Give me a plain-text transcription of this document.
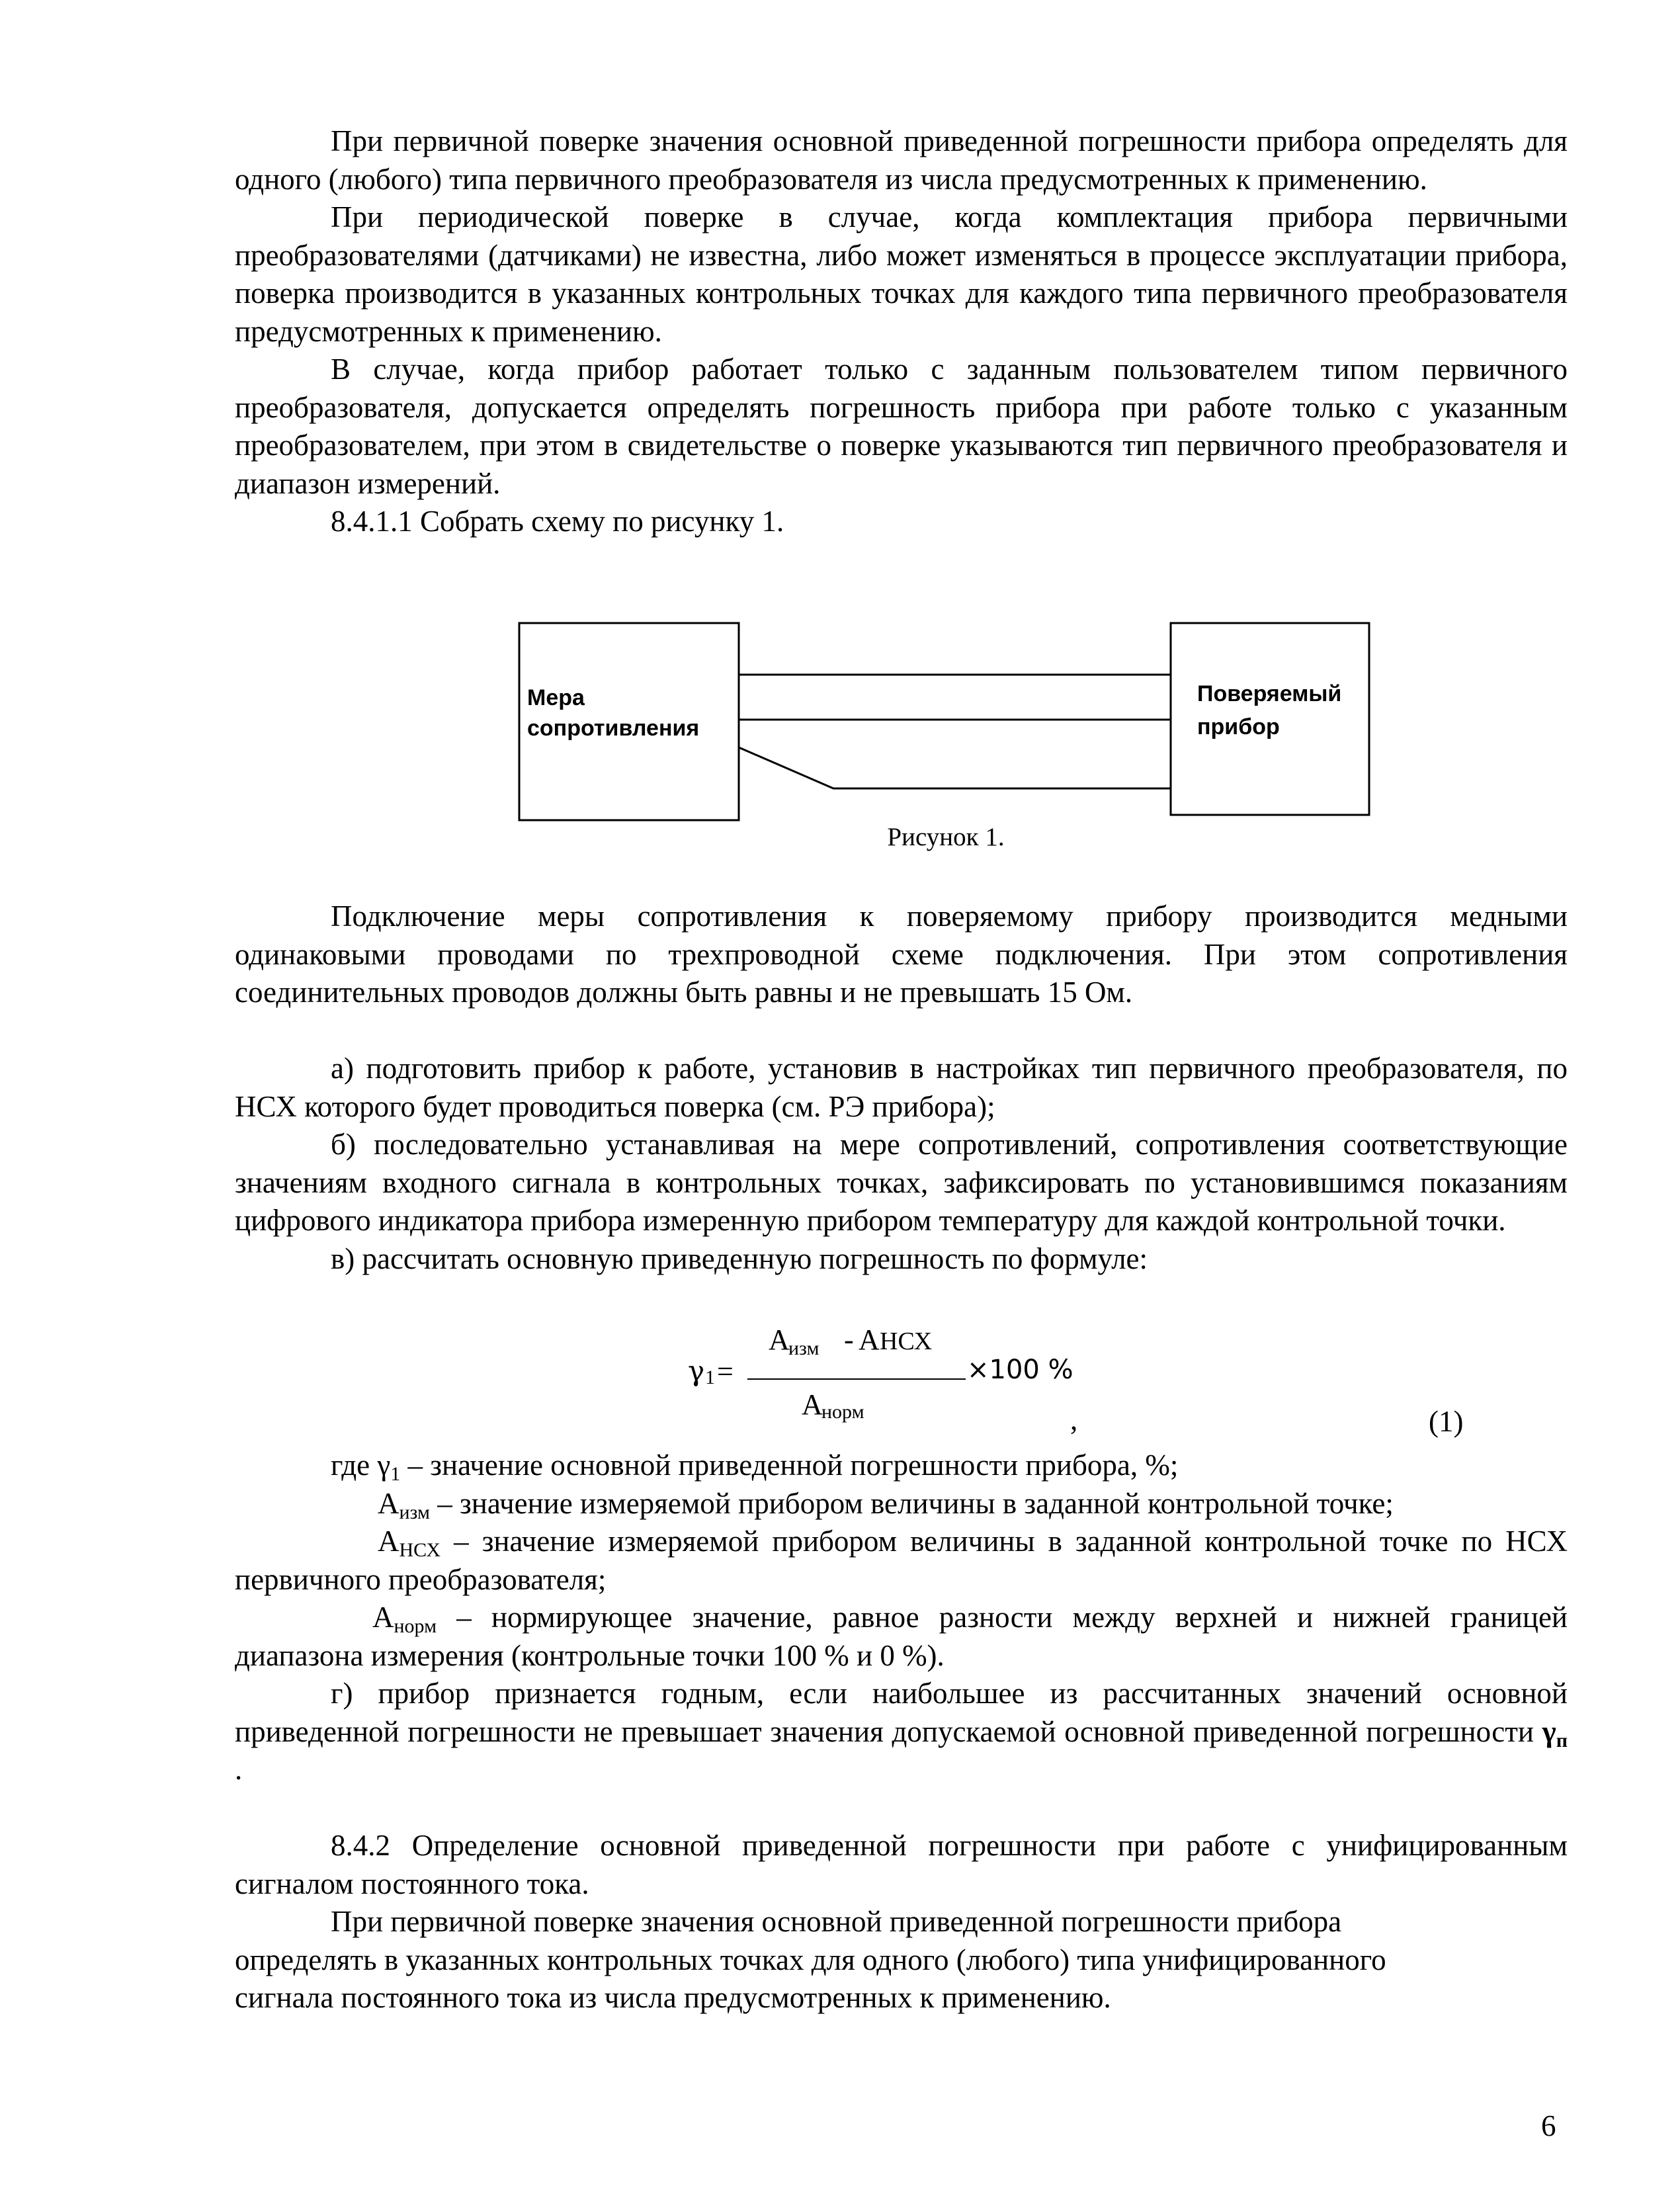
При первичной поверке значения основной приведенной погрешности прибора определять для одного (любого) типа первичного преобразователя из числа предусмотренных к применению.

При периодической поверке в случае, когда комплектация прибора первичными преобразователями (датчиками) не известна, либо может изменяться в процессе эксплуатации прибора, поверка производится в указанных контрольных точках для каждого типа первичного преобразователя предусмотренных к применению.

В случае, когда прибор работает только с заданным пользователем типом первичного преобразователя, допускается определять погрешность прибора при работе только с указанным преобразователем, при этом в свидетельстве о поверке указываются тип первичного преобразователя и диапазон измерений.

8.4.1.1 Собрать схему по рисунку 1.

Мера
сопротивления
Поверяемый
прибор
Рисунок 1.

Подключение меры сопротивления к поверяемому прибору производится медными одинаковыми проводами по трехпроводной схеме подключения. При этом сопротивления соединительных проводов должны быть равны и не превышать 15 Ом.

а) подготовить прибор к работе, установив в настройках тип первичного преобразователя, по НСХ которого будет проводиться поверка (см. РЭ прибора);

б) последовательно устанавливая на мере сопротивлений, сопротивления соответствующие значениям входного сигнала в контрольных точках, зафиксировать по установившимся показаниям цифрового индикатора прибора измеренную прибором температуру для каждой контрольной точки.

в) рассчитать основную приведенную погрешность по формуле:

γ 1 =
А
изм - А НСХ
×100 %
А
норм	,	(1)

где $\gamma_1$ – значение основной приведенной погрешности прибора, %;

$А_{изм}$ – значение измеряемой прибором величины в заданной контрольной точке;

$А_{НСХ}$ – значение измеряемой прибором величины в заданной контрольной точке по НСХ первичного преобразователя;

$А_{норм}$ – нормирующее значение, равное разности между верхней и нижней границей диапазона измерения (контрольные точки 100 % и 0 %).

г) прибор признается годным, если наибольшее из рассчитанных значений основной приведенной погрешности не превышает значения допускаемой основной приведенной погрешности $\gamma_п$ .

8.4.2 Определение основной приведенной погрешности при работе с унифицированным сигналом постоянного тока.

При первичной поверке значения основной приведенной погрешности прибора

определять в указанных контрольных точках для одного (любого) типа унифицированного

сигнала постоянного тока из числа предусмотренных к применению.

6
